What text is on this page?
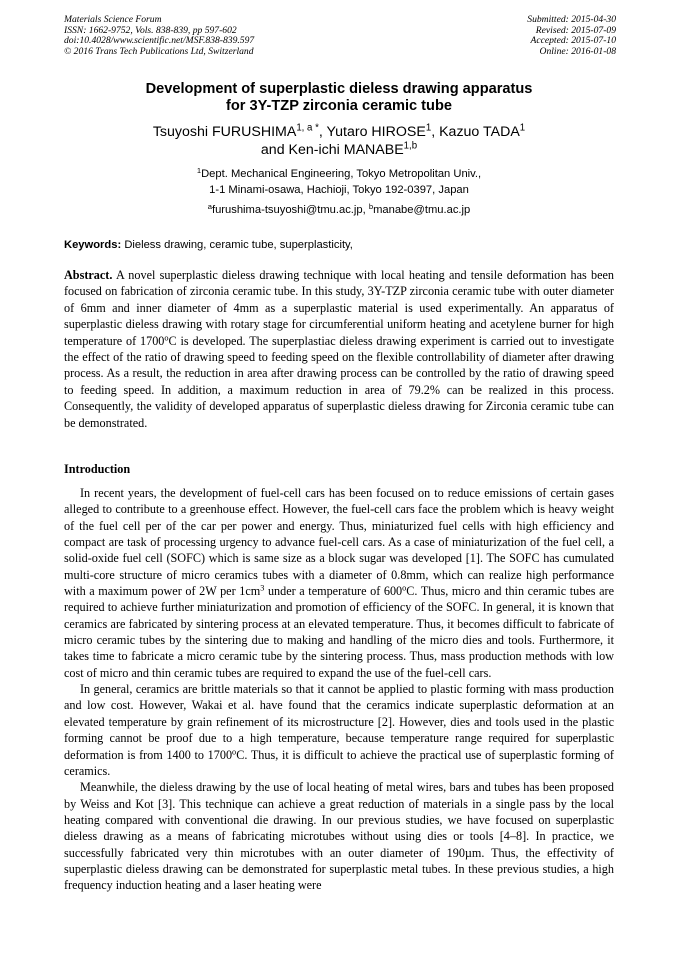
Materials Science Forum
ISSN: 1662-9752, Vols. 838-839, pp 597-602
doi:10.4028/www.scientific.net/MSF.838-839.597
© 2016 Trans Tech Publications Ltd, Switzerland
Submitted: 2015-04-30
Revised: 2015-07-09
Accepted: 2015-07-10
Online: 2016-01-08
Development of superplastic dieless drawing apparatus
for 3Y-TZP zirconia ceramic tube
Tsuyoshi $FURUSHIMA^{1, a *}$, Yutaro HIROSE$^1$, Kazuo TADA$^1$
and Ken-ichi MANABE$^{1,b}$
$^1$Dept. Mechanical Engineering, Tokyo Metropolitan Univ.,
1-1 Minami-osawa, Hachioji, Tokyo 192-0397, Japan
$^a$furushima-tsuyoshi@tmu.ac.jp, $^b$manabe@tmu.ac.jp
Keywords: Dieless drawing, ceramic tube, superplasticity,
Abstract. A novel superplastic dieless drawing technique with local heating and tensile deformation has been focused on fabrication of zirconia ceramic tube. In this study, 3Y-TZP zirconia ceramic tube with outer diameter of 6mm and inner diameter of 4mm as a superplastic material is used experimentally. An apparatus of superplastic dieless drawing with rotary stage for circumferential uniform heating and acetylene burner for high temperature of 1700$^o$C is developed. The superplastiac dieless drawing experiment is carried out to investigate the effect of the ratio of drawing speed to feeding speed on the flexible controllability of diameter after drawing process. As a result, the reduction in area after drawing process can be controlled by the ratio of drawing speed to feeding speed. In addition, a maximum reduction in area of 79.2% can be realized in this process. Consequently, the validity of developed apparatus of superplastic dieless drawing for Zirconia ceramic tube can be demonstrated.
Introduction

In recent years, the development of fuel-cell cars has been focused on to reduce emissions of certain gases alleged to contribute to a greenhouse effect. However, the fuel-cell cars face the problem which is heavy weight of the fuel cell per of the car per power and energy. Thus, miniaturized fuel cells with high efficiency and compact are task of processing urgency to advance fuel-cell cars. As a case of miniaturization of the fuel cell, a solid-oxide fuel cell (SOFC) which is same size as a block sugar was developed [1]. The SOFC has cumulated multi-core structure of micro ceramics tubes with a diameter of 0.8mm, which can realize high performance with a maximum power of 2W per $1cm^3$ under a temperature of 600$^o$C. Thus, micro and thin ceramic tubes are required to achieve further miniaturization and promotion of efficiency of the SOFC. In general, it is known that ceramics are fabricated by sintering process at an elevated temperature. Thus, it becomes difficult to fabricate of micro ceramic tubes by the sintering due to making and handling of the micro dies and tools. Furthermore, it takes time to fabricate a micro ceramic tube by the sintering process. Thus, mass production methods with low cost of micro and thin ceramic tubes are required to expand the use of the fuel-cell cars.

In general, ceramics are brittle materials so that it cannot be applied to plastic forming with mass production and low cost. However, Wakai et al. have found that the ceramics indicate superplastic deformation at an elevated temperature by grain refinement of its microstructure [2]. However, dies and tools used in the plastic forming cannot be proof due to a high temperature, because temperature range required for superplastic deformation is from 1400 to 1700$^o$C. Thus, it is difficult to achieve the practical use of superplastic forming of ceramics.

Meanwhile, the dieless drawing by the use of local heating of metal wires, bars and tubes has been proposed by Weiss and Kot [3]. This technique can achieve a great reduction of materials in a single pass by the local heating compared with conventional die drawing. In our previous studies, we have focused on superplastic dieless drawing as a means of fabricating microtubes without using dies or tools [4–8]. In practice, we successfully fabricated very thin microtubes with an outer diameter of 190µm. Thus, the effectivity of superplastic dieless drawing can be demonstrated for superplastic metal tubes. In these previous studies, a high frequency induction heating and a laser heating were
